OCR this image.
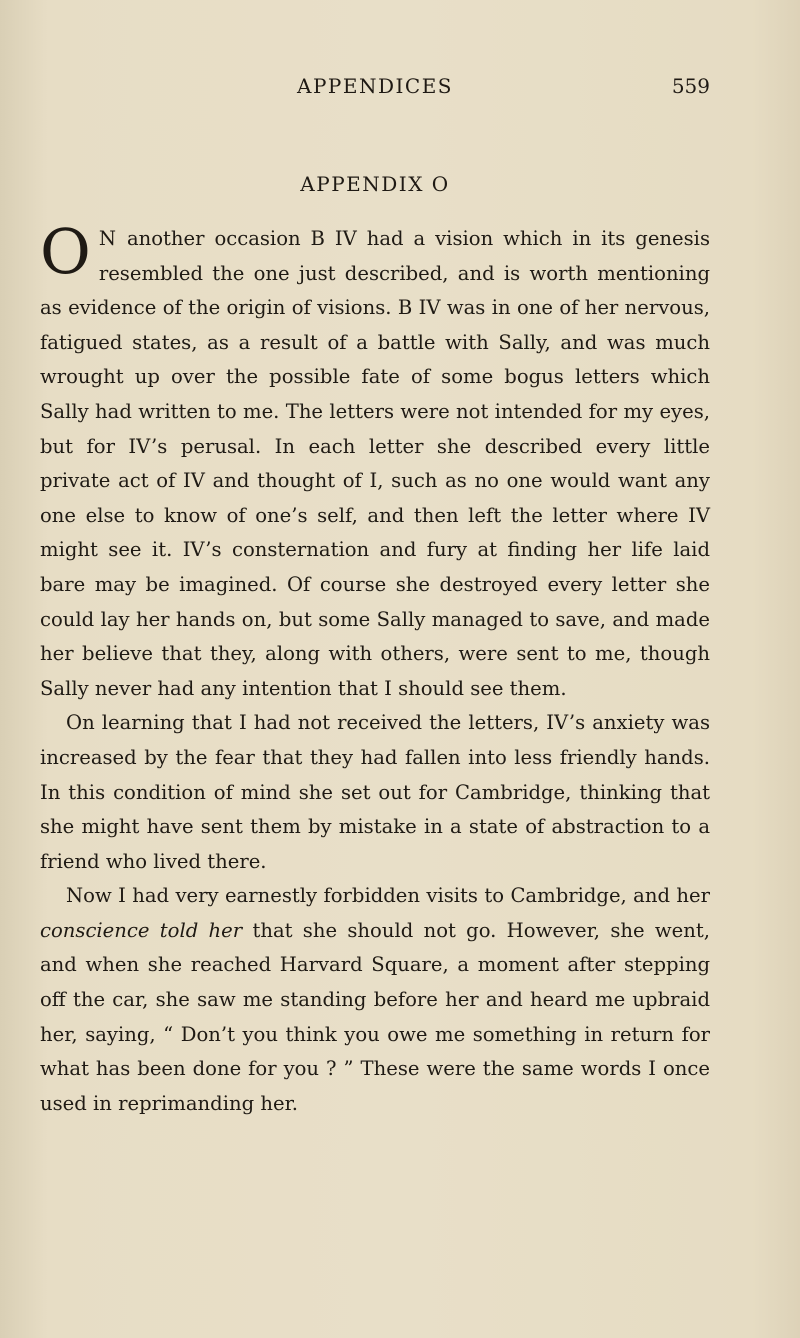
APPENDICES	559
APPENDIX O

O N another occasion B IV had a vision which in its genesis resembled the one just described, and is worth mentioning as evidence of the origin of visions. B IV was in one of her nervous, fatigued states, as a result of a battle with Sally, and was much wrought up over the possible fate of some bogus letters which Sally had written to me. The letters were not intended for my eyes, but for IV’s perusal. In each letter she described every little private act of IV and thought of I, such as no one would want any one else to know of one’s self, and then left the letter where IV might see it. IV’s consternation and fury at finding her life laid bare may be imagined. Of course she destroyed every letter she could lay her hands on, but some Sally managed to save, and made her believe that they, along with others, were sent to me, though Sally never had any intention that I should see them.

On learning that I had not received the letters, IV’s anxiety was increased by the fear that they had fallen into less friendly hands. In this condition of mind she set out for Cambridge, thinking that she might have sent them by mistake in a state of abstraction to a friend who lived there.

Now I had very earnestly forbidden visits to Cambridge, and her conscience told her that she should not go. However, she went, and when she reached Harvard Square, a moment after stepping off the car, she saw me standing before her and heard me upbraid her, saying, “ Don’t you think you owe me something in return for what has been done for you ? ” These were the same words I once used in reprimanding her.
